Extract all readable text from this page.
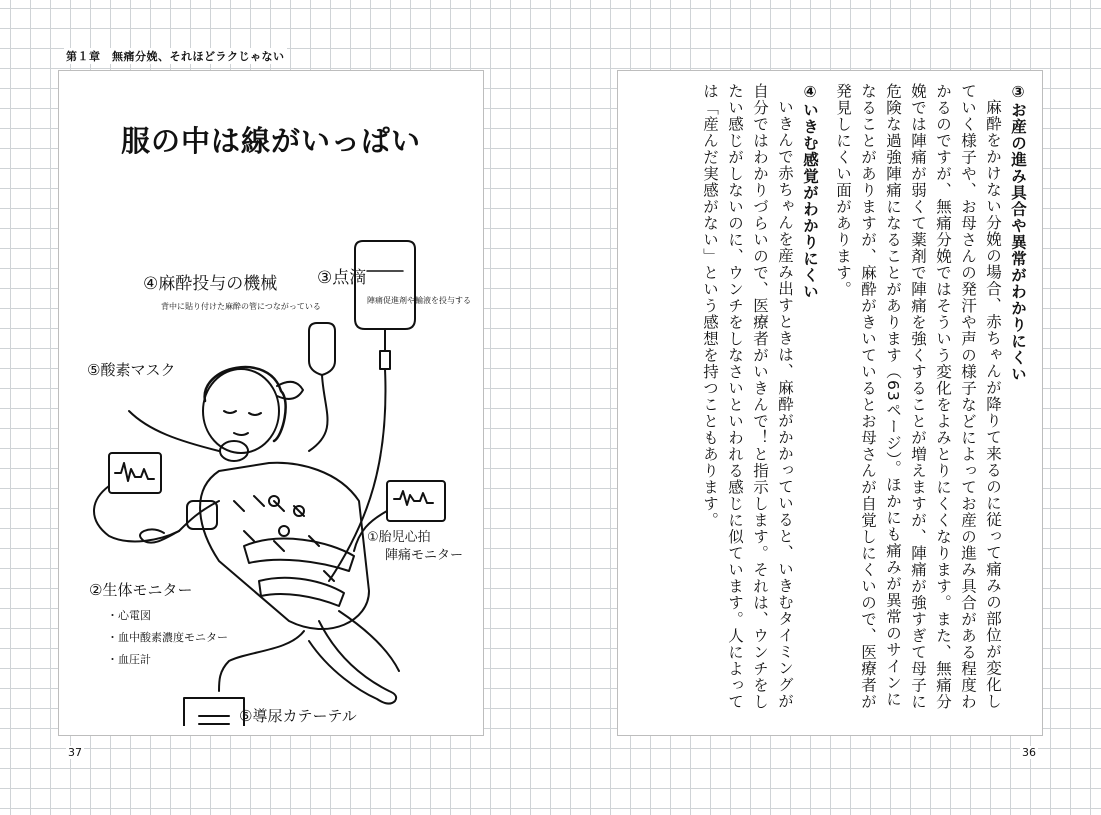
第１章　無痛分娩、それほどラクじゃない
服の中は線がいっぱい
④麻酔投与の機械
背中に貼り付けた麻酔の管につながっている
③点滴
陣痛促進剤や輸液を投与する
⑤酸素マスク
①胎児心拍
陣痛モニター
②生体モニター
・心電図
・血中酸素濃度モニター
・血圧計
⑥導尿カテーテル
37
③お産の進み具合や異常がわかりにくい

麻酔をかけない分娩の場合、赤ちゃんが降りて来るのに従って痛みの部位が変化していく様子や、お母さんの発汗や声の様子などによってお産の進み具合がある程度わかるのですが、無痛分娩ではそういう変化をよみとりにくくなります。また、無痛分娩では陣痛が弱くて薬剤で陣痛を強くすることが増えますが、陣痛が強すぎて母子に危険な過強陣痛になることがあります（63ページ）。ほかにも痛みが異常のサインになることがありますが、麻酔がきいているとお母さんが自覚しにくいので、医療者が発見しにくい面があります。

④いきむ感覚がわかりにくい

いきんで赤ちゃんを産み出すときは、麻酔がかかっていると、いきむタイミングが自分ではわかりづらいので、医療者がいきんで！と指示します。それは、ウンチをしたい感じがしないのに、ウンチをしなさいといわれる感じに似ています。人によっては「産んだ実感がない」という感想を持つこともあります。

36
